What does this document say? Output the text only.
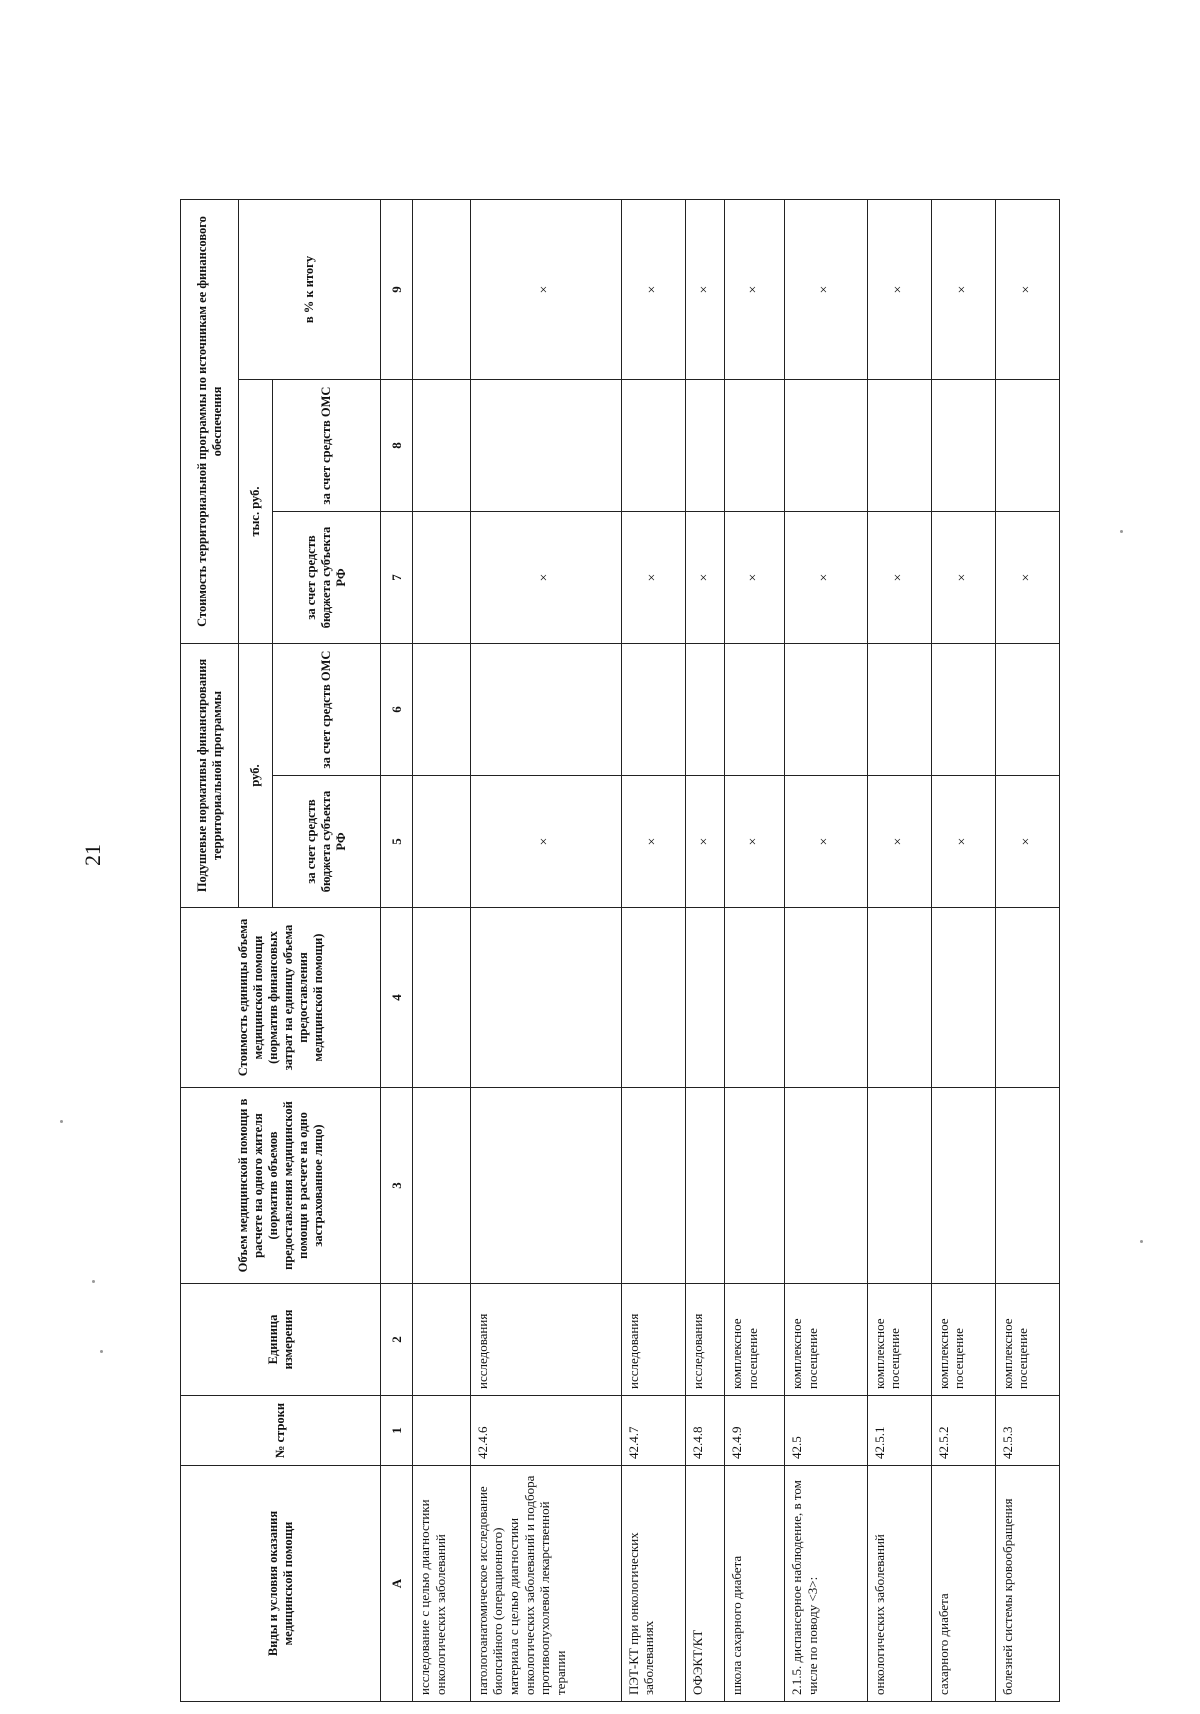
21
Виды и условия оказания медицинской помощи	№ строки	Единица измерения	Объем медицинской помощи в расчете на одного жителя (норматив объемов предоставления медицинской помощи в расчете на одно застрахованное лицо)	Стоимость единицы объема медицинской помощи (норматив финансовых затрат на единицу объема предоставления медицинской помощи)	Подушевые нормативы финансирования территориальной программы		Стоимость территориальной программы по источникам ее финансового обеспечения		
					руб.		тыс. руб.		в % к итогу
					за счет средств бюджета субъекта РФ	за счет средств ОМС	за счет средств бюджета субъекта РФ	за счет средств ОМС	
А	1	2	3	4	5	6	7	8	9
исследование с целью диагностики онкологических заболеваний									
патологоанатомическое исследование биопсийного (операционного) материала с целью диагностики онкологических заболеваний и подбора противоопухолевой лекарственной терапии	42.4.6	исследования			×		×		×
ПЭТ-КТ при онкологических заболеваниях	42.4.7	исследования			×		×		×
ОФЭКТ/КТ	42.4.8	исследования			×		×		×
школа сахарного диабета	42.4.9	комплексное посещение			×		×		×
2.1.5. диспансерное наблюдение, в том числе по поводу <3>:	42.5	комплексное посещение			×		×		×
онкологических заболеваний	42.5.1	комплексное посещение			×		×		×
сахарного диабета	42.5.2	комплексное посещение			×		×		×
болезней системы кровообращения	42.5.3	комплексное посещение			×		×		×
